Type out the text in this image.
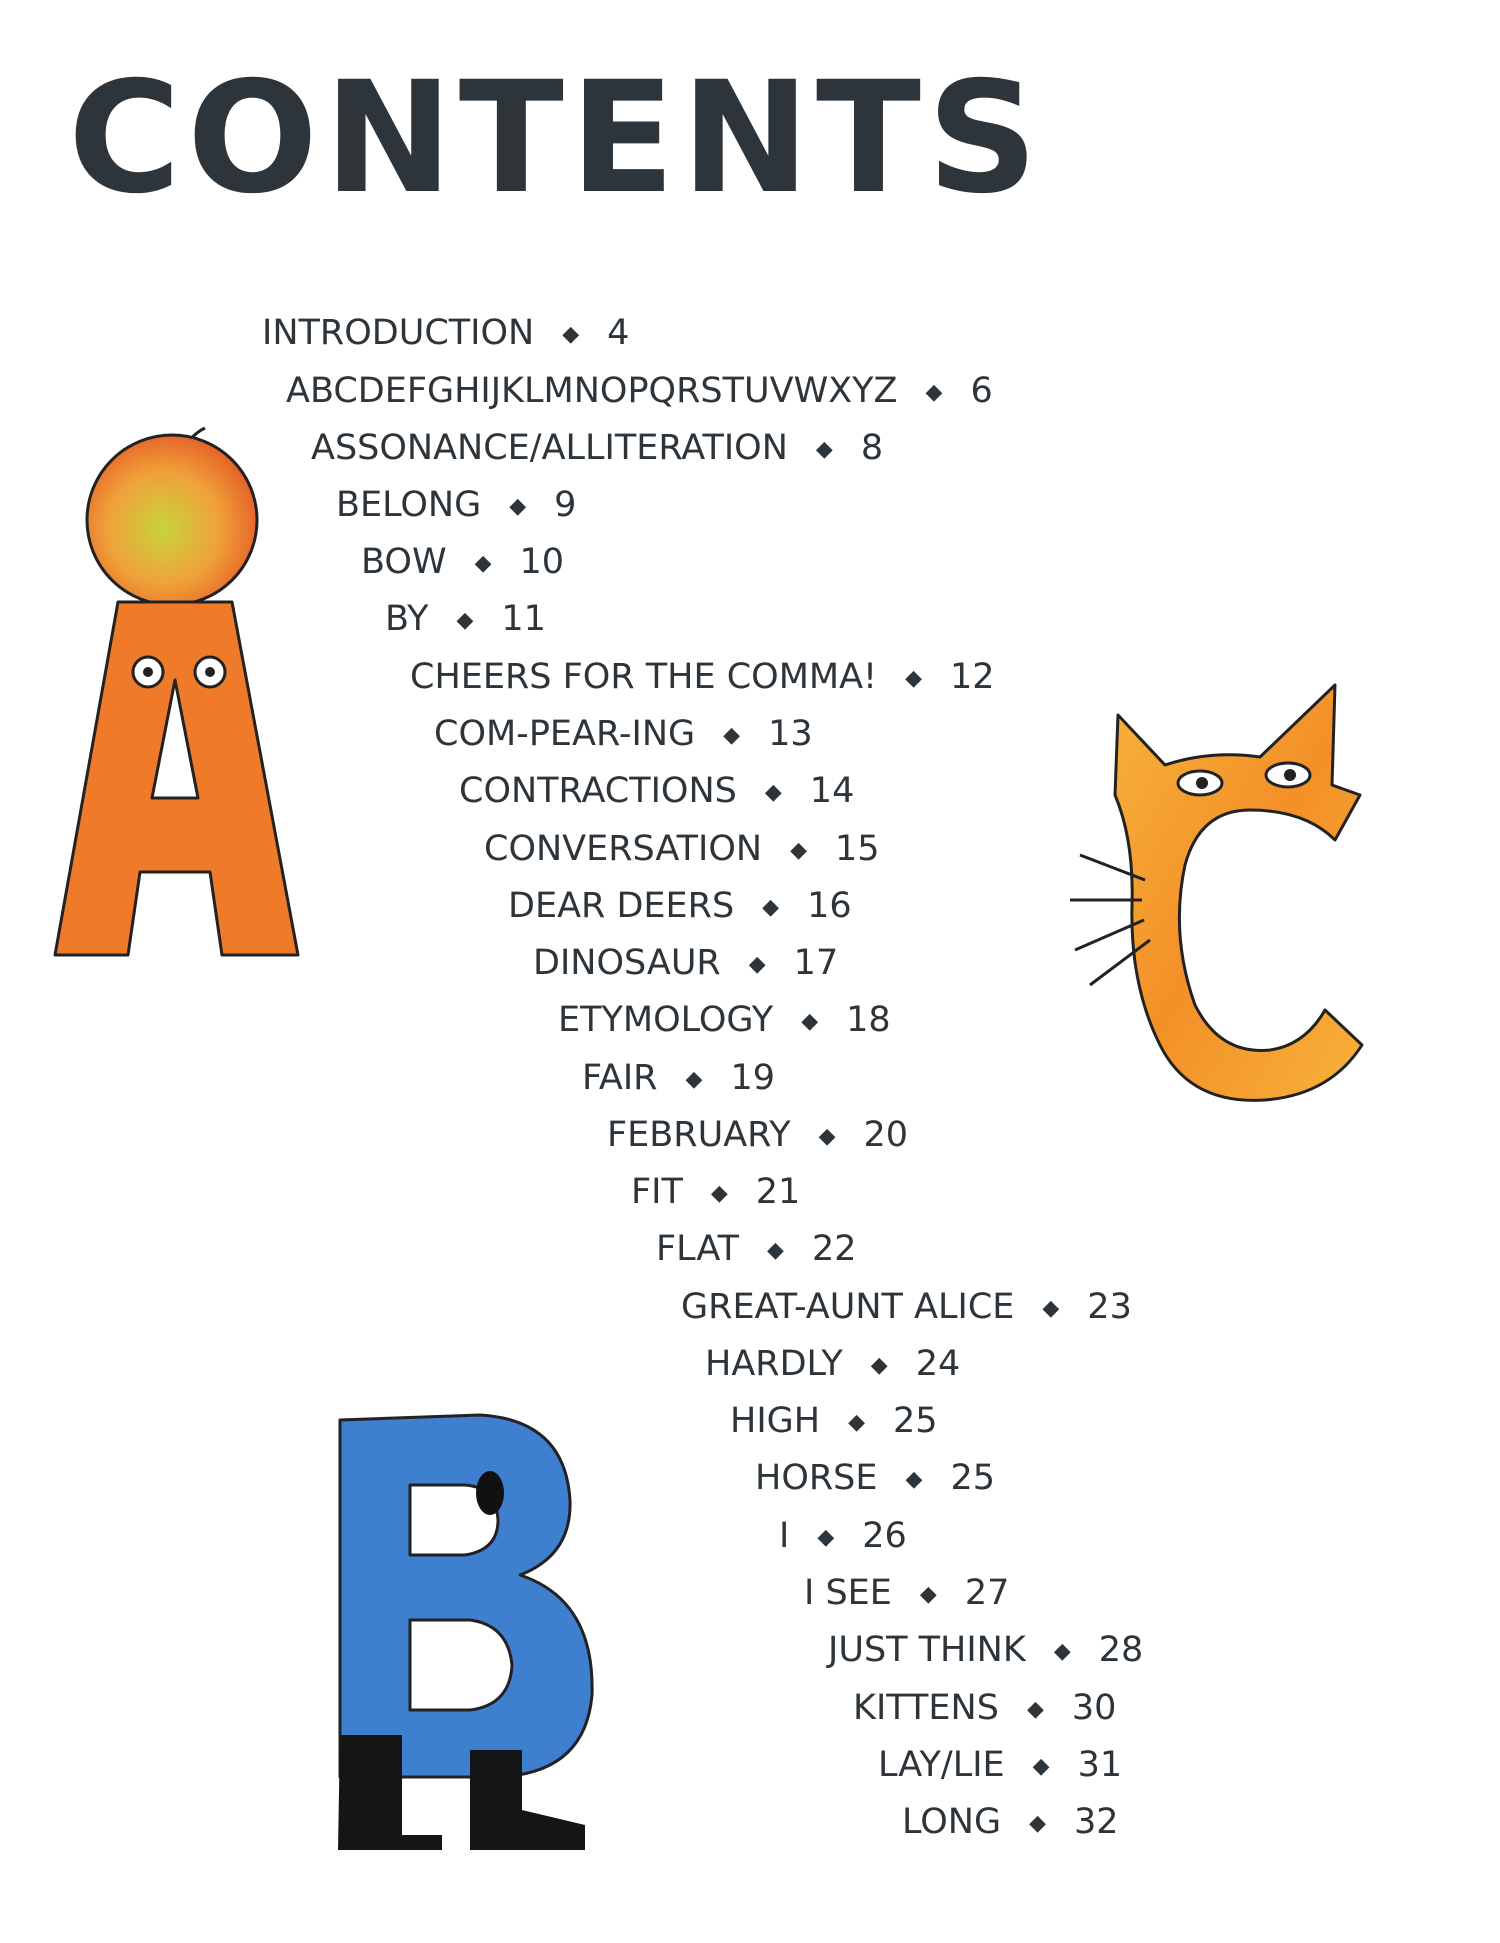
CONTENTS
INTRODUCTION ◆ 4
ABCDEFGHIJKLMNOPQRSTUVWXYZ ◆ 6
ASSONANCE/ALLITERATION ◆ 8
BELONG ◆ 9
BOW ◆ 10
BY ◆ 11
CHEERS FOR THE COMMA! ◆ 12
COM-PEAR-ING ◆ 13
CONTRACTIONS ◆ 14
CONVERSATION ◆ 15
DEAR DEERS ◆ 16
DINOSAUR ◆ 17
ETYMOLOGY ◆ 18
FAIR ◆ 19
FEBRUARY ◆ 20
FIT ◆ 21
FLAT ◆ 22
GREAT-AUNT ALICE ◆ 23
HARDLY ◆ 24
HIGH ◆ 25
HORSE ◆ 25
I ◆ 26
I SEE ◆ 27
JUST THINK ◆ 28
KITTENS ◆ 30
LAY/LIE ◆ 31
LONG ◆ 32
